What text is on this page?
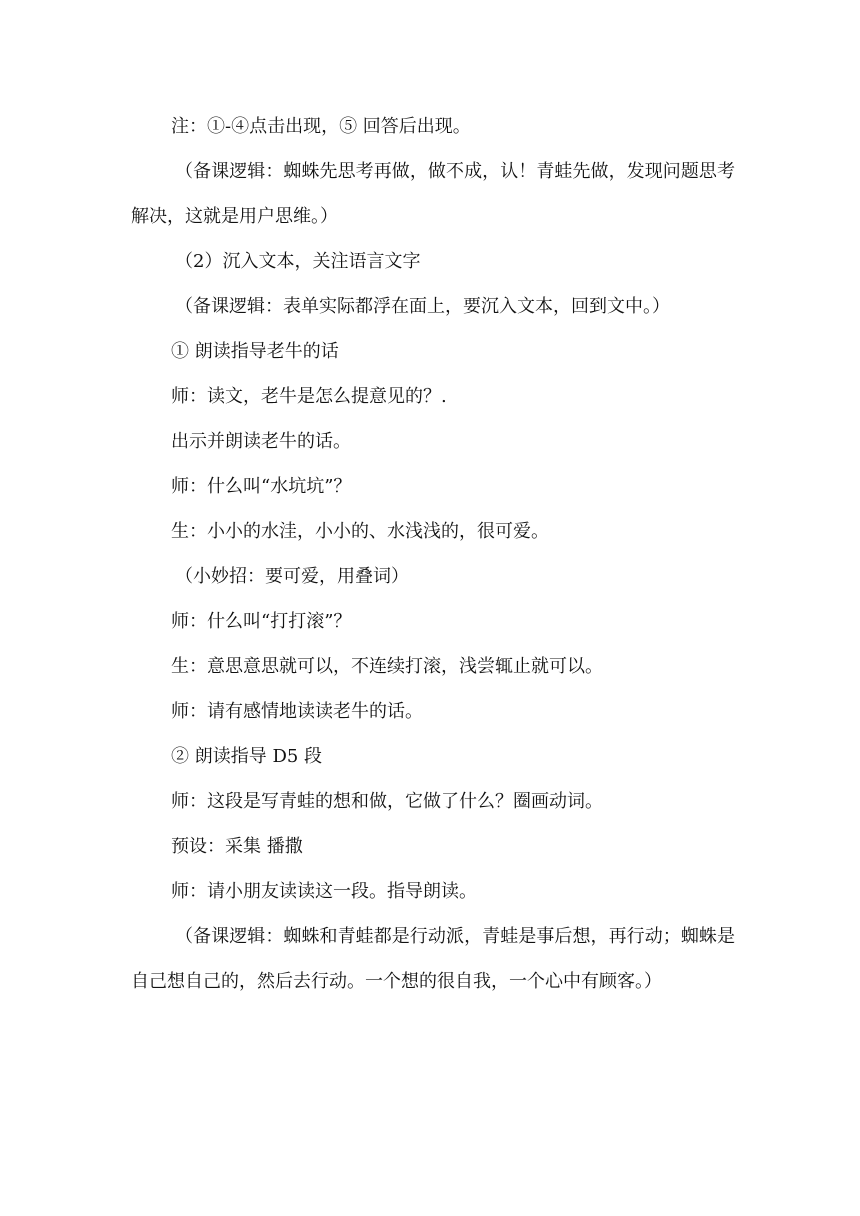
注：①-④点击出现，⑤ 回答后出现。

（备课逻辑：蜘蛛先思考再做，做不成，认！青蛙先做，发现问题思考解决，这就是用户思维。）

（2）沉入文本，关注语言文字

（备课逻辑：表单实际都浮在面上，要沉入文本，回到文中。）

① 朗读指导老牛的话

师：读文，老牛是怎么提意见的？.

出示并朗读老牛的话。

师：什么叫“水坑坑”？

生：小小的水洼，小小的、水浅浅的，很可爱。

（小妙招：要可爱，用叠词）

师：什么叫“打打滚”？

生：意思意思就可以，不连续打滚，浅尝辄止就可以。

师：请有感情地读读老牛的话。

② 朗读指导 D5 段

师：这段是写青蛙的想和做，它做了什么？圈画动词。

预设：采集 播撒

师：请小朋友读读这一段。指导朗读。

（备课逻辑：蜘蛛和青蛙都是行动派，青蛙是事后想，再行动；蜘蛛是自己想自己的，然后去行动。一个想的很自我，一个心中有顾客。）
